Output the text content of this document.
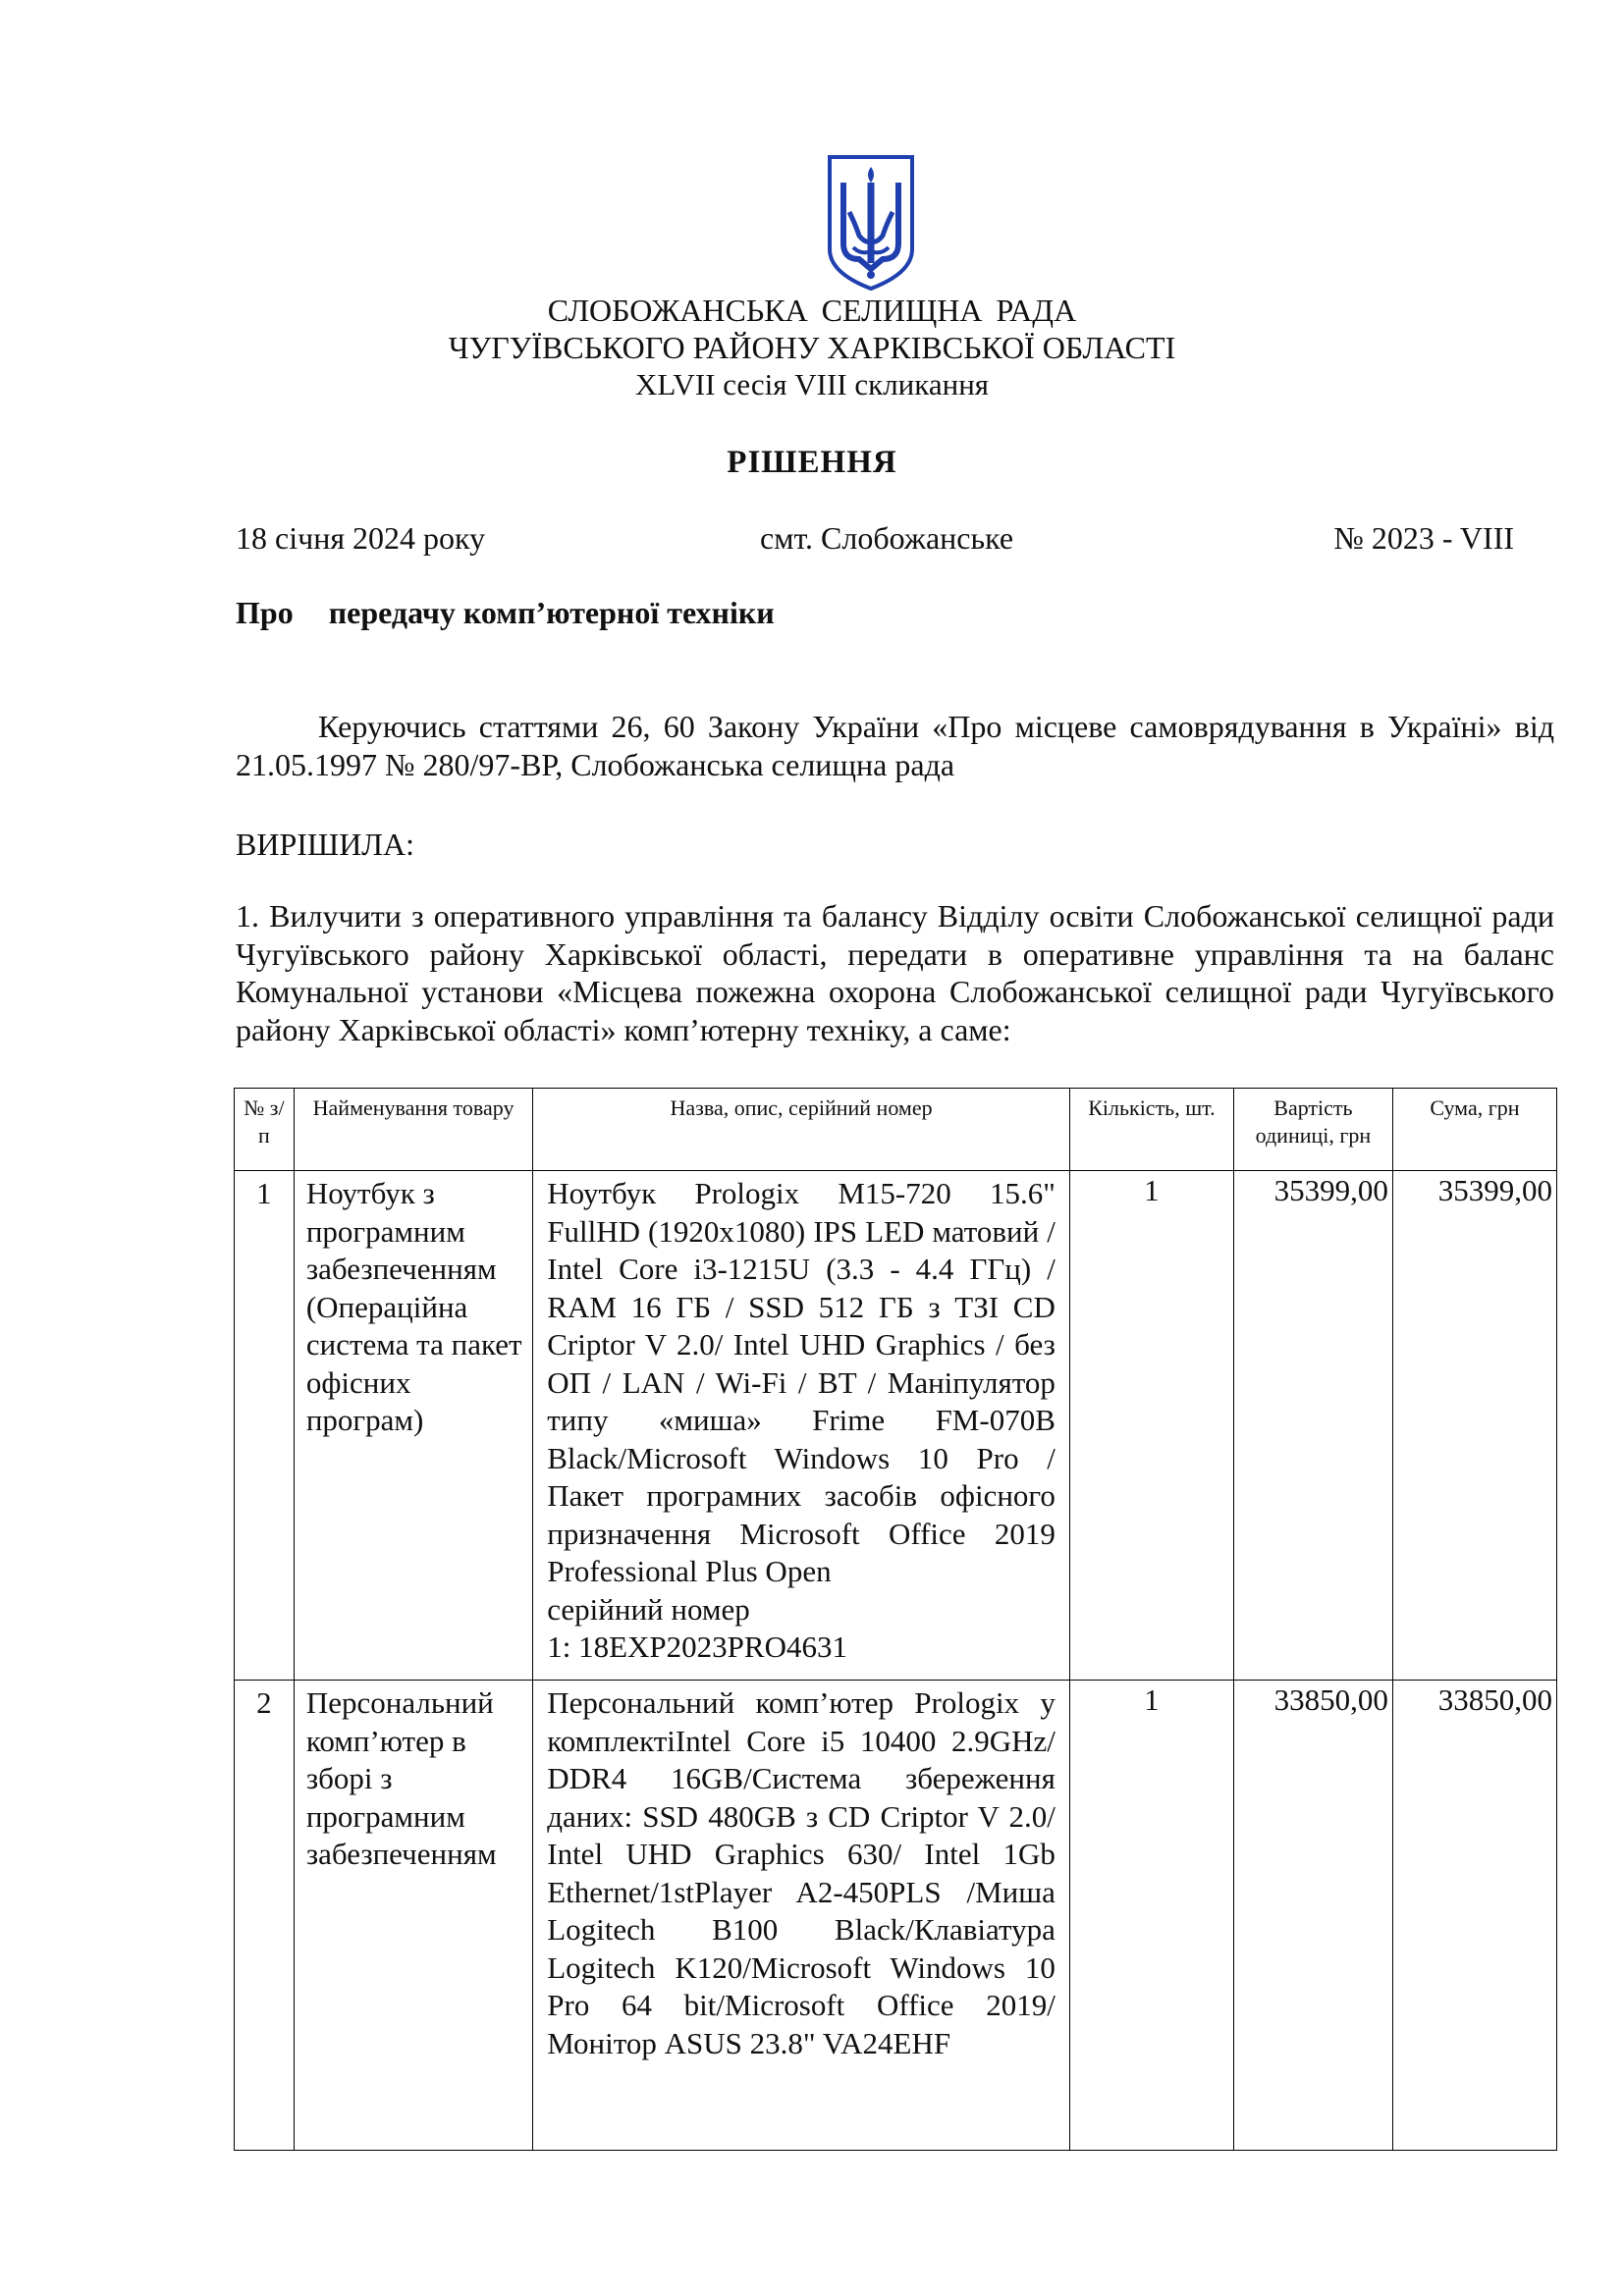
СЛОБОЖАНСЬКА СЕЛИЩНА РАДА
ЧУГУЇВСЬКОГО РАЙОНУ ХАРКІВСЬКОЇ ОБЛАСТІ
XLVII сесія VIII скликання
РІШЕННЯ
18 січня 2024 року	смт. Слобожанське	№ 2023 - VIII
Про передачу комп’ютерної техніки
Керуючись статтями 26, 60 Закону України «Про місцеве самоврядування в Україні» від 21.05.1997 № 280/97-ВР, Слобожанська селищна рада
ВИРІШИЛА:
1. Вилучити з оперативного управління та балансу Відділу освіти Слобожанської селищної ради Чугуївського району Харківської області, передати в оперативне управління та на баланс Комунальної установи «Місцева пожежна охорона Слобожанської селищної ради Чугуївського району Харківської області» комп’ютерну техніку, а саме:
№ з/п	Найменування товару	Назва, опис, серійний номер	Кількість, шт.	Вартість одиниці, грн	Сума, грн
1	Ноутбук з програмним забезпеченням (Операційна система та пакет офісних програм)	Ноутбук Prologix M15-720 15.6" FullHD (1920x1080) IPS LED матовий / Intel Core i3-1215U (3.3 - 4.4 ГГц) / RAM 16 ГБ / SSD 512 ГБ з ТЗІ CD Criptor V 2.0/ Intel UHD Graphics / без ОП / LAN / Wi-Fi / BT / Маніпулятор типу «миша» Frime FM-070B Black/Microsoft Windows 10 Pro / Пакет програмних засобів офісного призначення Microsoft Office 2019 Professional Plus Open
серійний номер
1: 18EXP2023PRO4631	1	35399,00	35399,00
2	Персональний комп’ютер в зборі з програмним забезпеченням	Персональний комп’ютер Prologix у комплектіIntel Core i5 10400 2.9GHz/ DDR4 16GB/Система збереження даних: SSD 480GB з CD Criptor V 2.0/ Intel UHD Graphics 630/ Intel 1Gb Ethernet/1stPlayer A2-450PLS /Миша Logitech B100 Black/Клавіатура Logitech K120/Microsoft Windows 10 Pro 64 bit/Microsoft Office 2019/Монітор ASUS 23.8" VA24EHF	1	33850,00	33850,00
